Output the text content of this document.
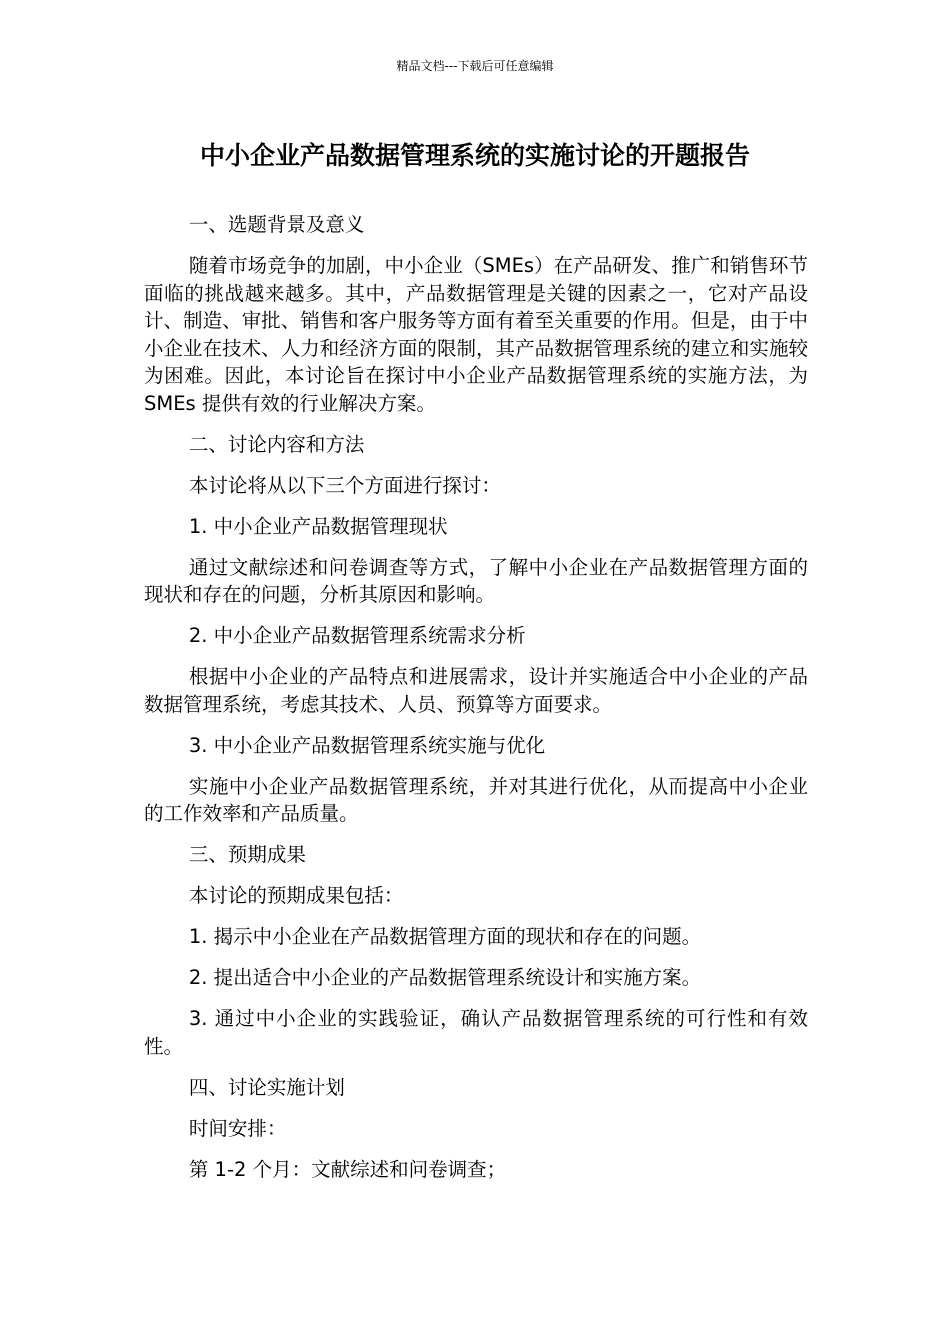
精品文档---下载后可任意编辑
中小企业产品数据管理系统的实施讨论的开题报告

一、选题背景及意义

随着市场竞争的加剧，中小企业（SMEs）在产品研发、推广和销售环节面临的挑战越来越多。其中，产品数据管理是关键的因素之一，它对产品设计、制造、审批、销售和客户服务等方面有着至关重要的作用。但是，由于中小企业在技术、人力和经济方面的限制，其产品数据管理系统的建立和实施较为困难。因此，本讨论旨在探讨中小企业产品数据管理系统的实施方法，为 SMEs 提供有效的行业解决方案。

二、讨论内容和方法

本讨论将从以下三个方面进行探讨：

1. 中小企业产品数据管理现状

通过文献综述和问卷调查等方式，了解中小企业在产品数据管理方面的现状和存在的问题，分析其原因和影响。

2. 中小企业产品数据管理系统需求分析

根据中小企业的产品特点和进展需求，设计并实施适合中小企业的产品数据管理系统，考虑其技术、人员、预算等方面要求。

3. 中小企业产品数据管理系统实施与优化

实施中小企业产品数据管理系统，并对其进行优化，从而提高中小企业的工作效率和产品质量。

三、预期成果

本讨论的预期成果包括：

1. 揭示中小企业在产品数据管理方面的现状和存在的问题。

2. 提出适合中小企业的产品数据管理系统设计和实施方案。

3. 通过中小企业的实践验证，确认产品数据管理系统的可行性和有效性。

四、讨论实施计划

时间安排：

第 1-2 个月：文献综述和问卷调查；
